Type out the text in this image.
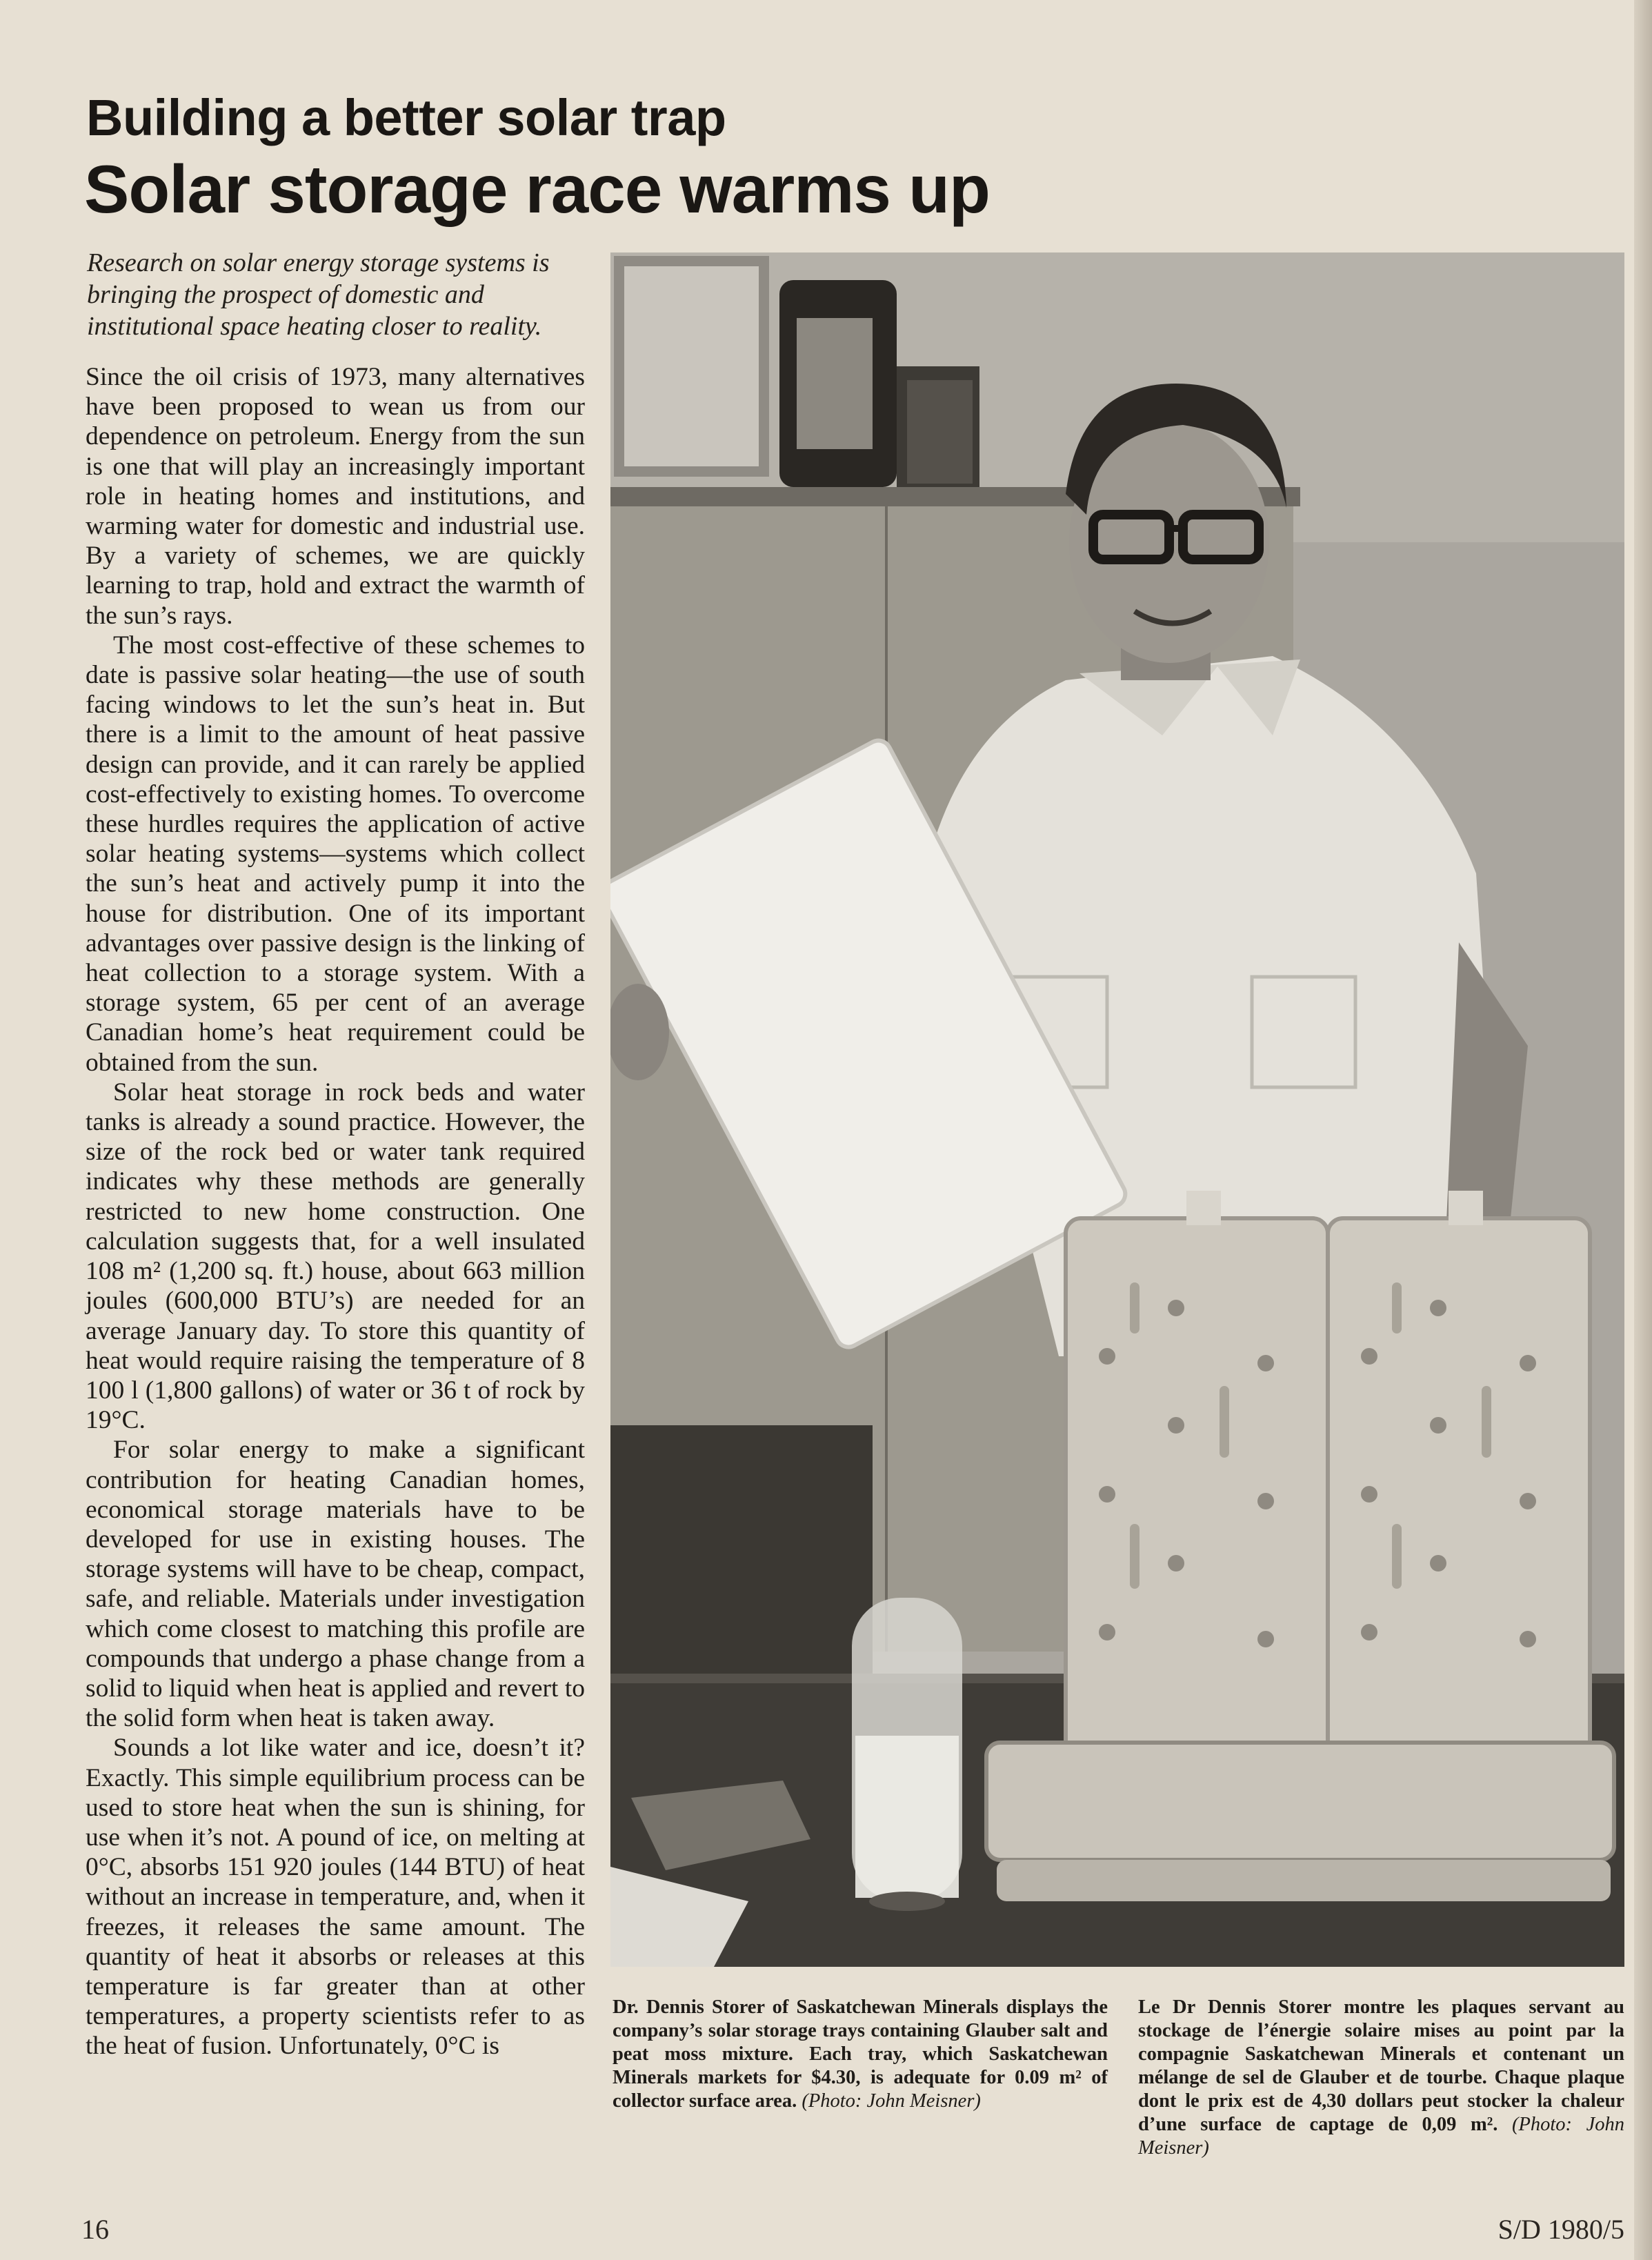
Building a better solar trap
Solar storage race warms up
Research on solar energy storage systems is bringing the prospect of domestic and institutional space heating closer to reality.

Since the oil crisis of 1973, many alternatives have been proposed to wean us from our dependence on petroleum. Energy from the sun is one that will play an increasingly important role in heating homes and institutions, and warming water for domestic and industrial use. By a variety of schemes, we are quickly learning to trap, hold and extract the warmth of the sun’s rays.

The most cost-effective of these schemes to date is passive solar heating—the use of south facing windows to let the sun’s heat in. But there is a limit to the amount of heat passive design can provide, and it can rarely be applied cost-effectively to existing homes. To overcome these hurdles requires the application of active solar heating systems—systems which collect the sun’s heat and actively pump it into the house for distribution. One of its important advantages over passive design is the linking of heat collection to a storage system. With a storage system, 65 per cent of an average Canadian home’s heat requirement could be obtained from the sun.

Solar heat storage in rock beds and water tanks is already a sound practice. However, the size of the rock bed or water tank required indicates why these methods are generally restricted to new home construction. One calculation suggests that, for a well insulated 108 m² (1,200 sq. ft.) house, about 663 million joules (600,000 BTU’s) are needed for an average January day. To store this quantity of heat would require raising the temperature of 8 100 l (1,800 gallons) of water or 36 t of rock by 19°C.

For solar energy to make a significant contribution for heating Canadian homes, economical storage materials have to be developed for use in existing houses. The storage systems will have to be cheap, compact, safe, and reliable. Materials under investigation which come closest to matching this profile are compounds that undergo a phase change from a solid to liquid when heat is applied and revert to the solid form when heat is taken away.

Sounds a lot like water and ice, doesn’t it? Exactly. This simple equilibrium process can be used to store heat when the sun is shining, for use when it’s not. A pound of ice, on melting at 0°C, absorbs 151 920 joules (144 BTU) of heat without an increase in temperature, and, when it freezes, it releases the same amount. The quantity of heat it absorbs or releases at this temperature is far greater than at other temperatures, a property scientists refer to as the heat of fusion. Unfortunately, 0°C is

Dr. Dennis Storer of Saskatchewan Minerals displays the company’s solar storage trays containing Glauber salt and peat moss mixture. Each tray, which Saskatchewan Minerals markets for $4.30, is adequate for 0.09 m² of collector surface area. (Photo: John Meisner)
Le Dr Dennis Storer montre les plaques servant au stockage de l’énergie solaire mises au point par la compagnie Saskatchewan Minerals et contenant un mélange de sel de Glauber et de tourbe. Chaque plaque dont le prix est de 4,30 dollars peut stocker la chaleur d’une surface de captage de 0,09 m². (Photo: John Meisner)
16	S/D 1980/5
